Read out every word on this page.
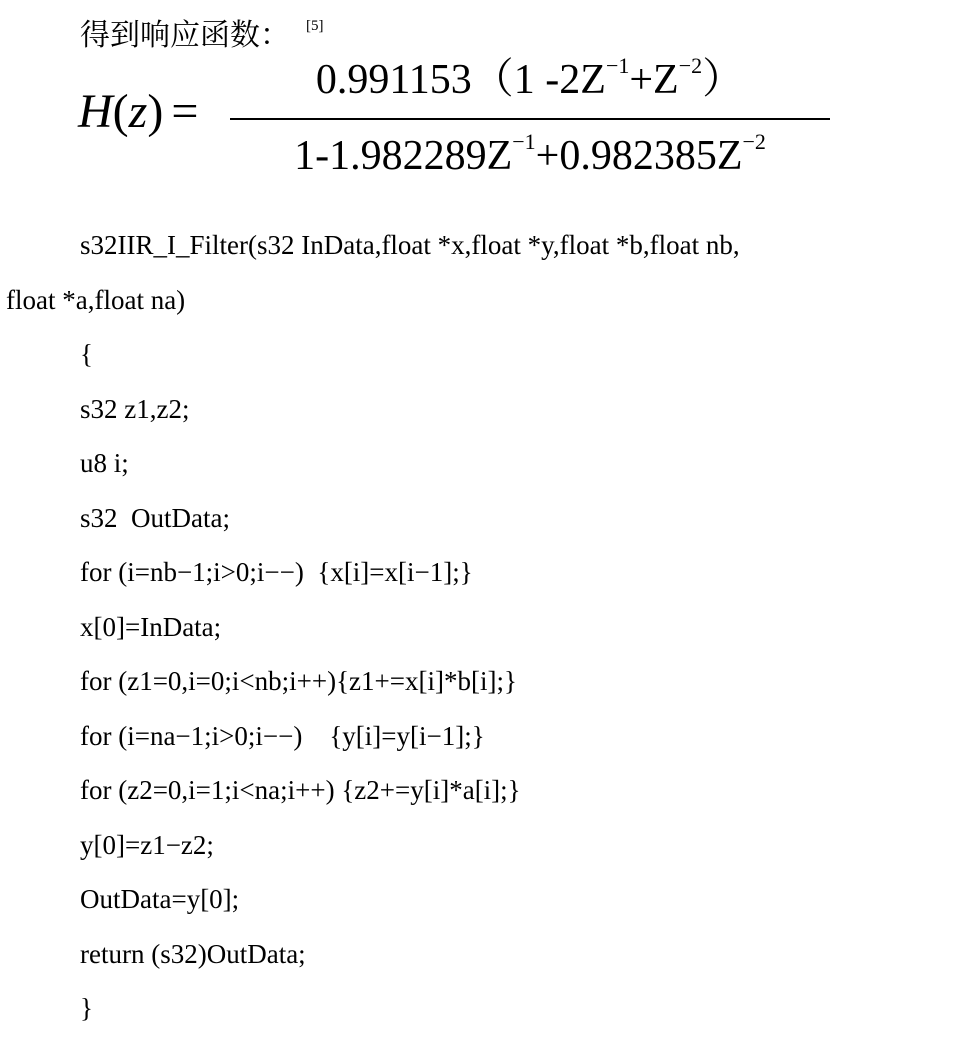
得到响应函数： [5]
H(z) =
0.991153（1 $-2Z^{-1}+Z^{-2}$）
$1-1.982289Z^{-1}+0.982385Z^{-2}$
s32IIR_I_Filter(s32 InData,float *x,float *y,float *b,float nb,
float *a,float na)
{
s32 z1,z2;
u8 i;
s32  OutData;
for (i=nb−1;i>0;i−−)  {x[i]=x[i−1];}
x[0]=InData;
for (z1=0,i=0;i<nb;i++){z1+=x[i]*b[i];}
for (i=na−1;i>0;i−−)    {y[i]=y[i−1];}
for (z2=0,i=1;i<na;i++) {z2+=y[i]*a[i];}
y[0]=z1−z2;
OutData=y[0];
return (s32)OutData;
}
